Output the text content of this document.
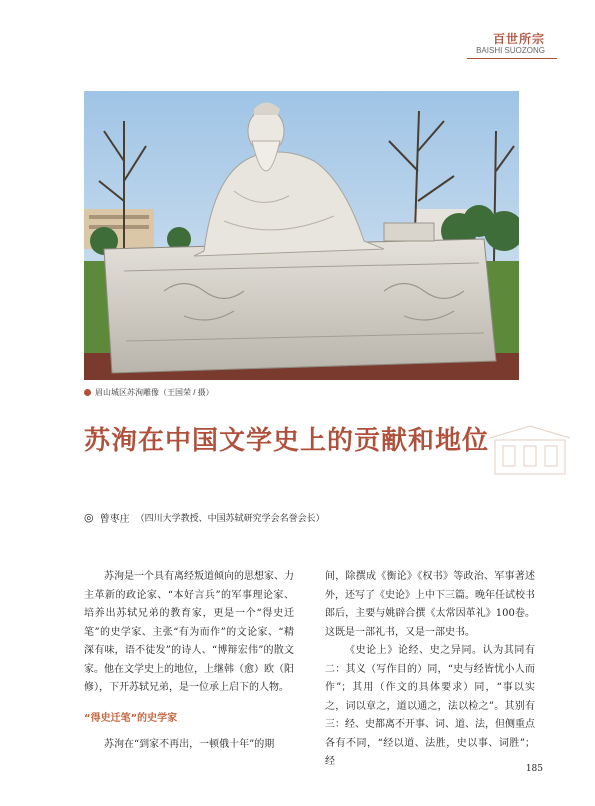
百世所宗
BAISHI SUOZONG
眉山城区苏洵雕像（王国荣 / 摄）
苏洵在中国文学史上的贡献和地位
◎ 曾枣庄 （四川大学教授、中国苏轼研究学会名誉会长）

苏洵是一个具有离经叛道倾向的思想家、力主革新的政论家、“本好言兵”的军事理论家、培养出苏轼兄弟的教育家，更是一个“得史迁笔”的史学家、主张“有为而作”的文论家、“精深有味，语不徒发”的诗人、“博辩宏伟”的散文家。他在文学史上的地位，上继韩（愈）欧（阳修），下开苏轼兄弟，是一位承上启下的人物。

“得史迁笔”的史学家

苏洵在“到家不再出，一顿俄十年”的期

间，除撰成《衡论》《权书》等政治、军事著述外，还写了《史论》上中下三篇。晚年任试校书郎后，主要与姚辟合撰《太常因革礼》100卷。这既是一部礼书，又是一部史书。

《史论上》论经、史之异同。认为其同有二：其义（写作目的）同，“史与经皆忧小人而作”；其用（作文的具体要求）同，“事以实之，词以章之，道以通之，法以检之”。其别有三：经、史都离不开事、词、道、法，但侧重点各有不同，“经以道、法胜，史以事、词胜”；经

185
